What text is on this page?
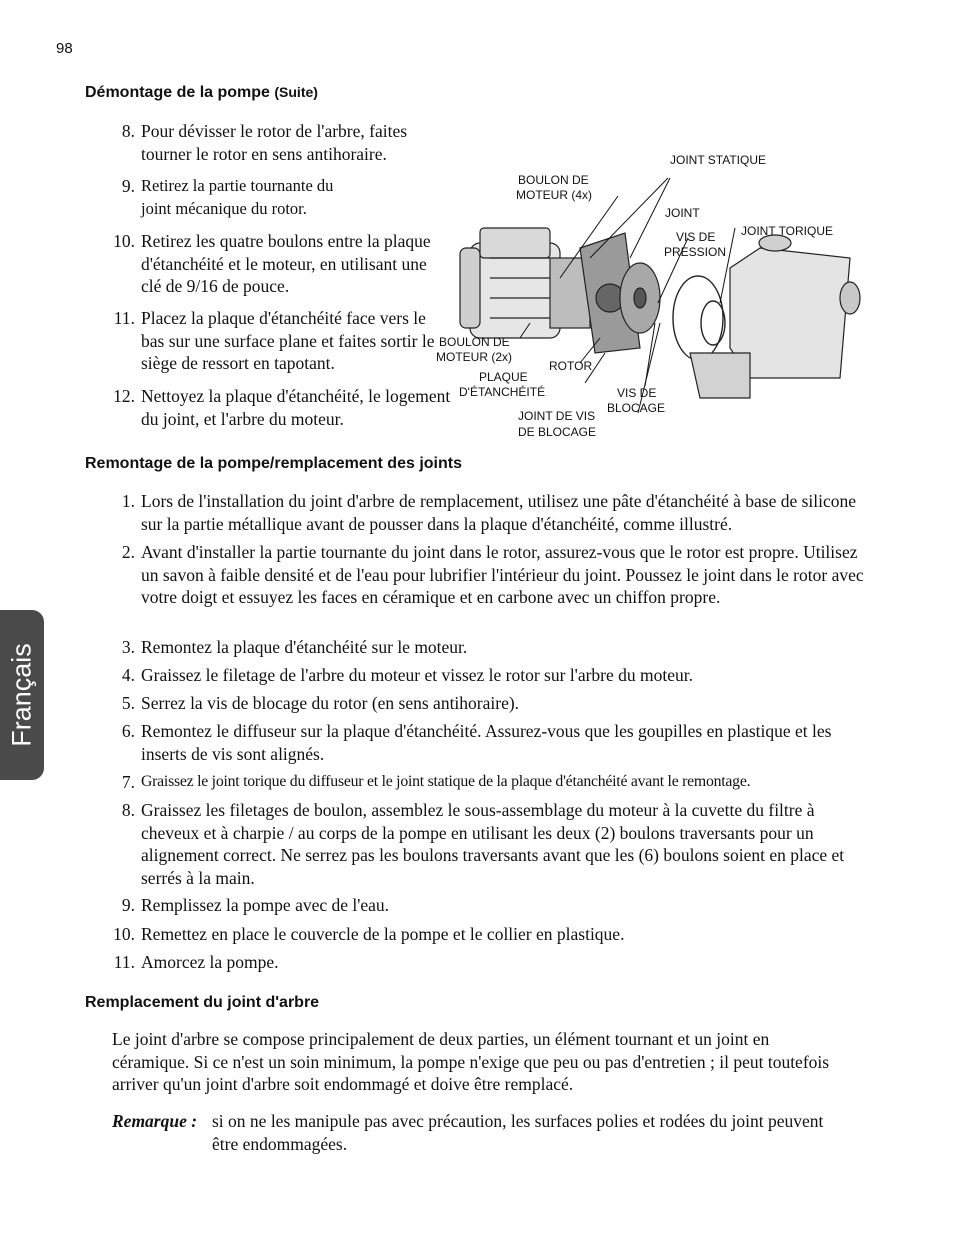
98
Français
Démontage de la pompe (Suite)
8. Pour dévisser le rotor de l'arbre, faites tourner le rotor en sens antihoraire.
9. Retirez la partie tournante du joint mécanique du rotor.
10. Retirez les quatre boulons entre la plaque d'étanchéité et le moteur, en utilisant une clé de 9/16 de pouce.
11. Placez la plaque d'étanchéité face vers le bas sur une surface plane et faites sortir le siège de ressort en tapotant.
12. Nettoyez la plaque d'étanchéité, le logement du joint, et l'arbre du moteur.
JOINT STATIQUE
BOULON DE
MOTEUR (4x)
JOINT
VIS DE
PRESSION
JOINT TORIQUE
BOULON DE
MOTEUR (2x)
ROTOR
PLAQUE
D'ÉTANCHÉITÉ	VIS DE
BLOCAGE
JOINT DE VIS
DE BLOCAGE
Remontage de la pompe/remplacement des joints
1. Lors de l'installation du joint d'arbre de remplacement, utilisez une pâte d'étanchéité à base de silicone sur la partie métallique avant de pousser dans la plaque d'étanchéité, comme illustré.
2. Avant d'installer la partie tournante du joint dans le rotor, assurez-vous que le rotor est propre. Utilisez un savon à faible densité et de l'eau pour lubrifier l'intérieur du joint. Poussez le joint dans le rotor avec votre doigt et essuyez les faces en céramique et en carbone avec un chiffon propre.
3. Remontez la plaque d'étanchéité sur le moteur.
4. Graissez le filetage de l'arbre du moteur et vissez le rotor sur l'arbre du moteur.
5. Serrez la vis de blocage du rotor (en sens antihoraire).
6. Remontez le diffuseur sur la plaque d'étanchéité. Assurez-vous que les goupilles en plastique et les inserts de vis sont alignés.
7. Graissez le joint torique du diffuseur et le joint statique de la plaque d'étanchéité avant le remontage.
8. Graissez les filetages de boulon, assemblez le sous-assemblage du moteur à la cuvette du filtre à cheveux et à charpie / au corps de la pompe en utilisant les deux (2) boulons traversants pour un alignement correct. Ne serrez pas les boulons traversants avant que les (6) boulons soient en place et serrés à la main.
9. Remplissez la pompe avec de l'eau.
10. Remettez en place le couvercle de la pompe et le collier en plastique.
11. Amorcez la pompe.
Remplacement du joint d'arbre
Le joint d'arbre se compose principalement de deux parties, un élément tournant et un joint en céramique. Si ce n'est un soin minimum, la pompe n'exige que peu ou pas d'entretien ; il peut toutefois arriver qu'un joint d'arbre soit endommagé et doive être remplacé.
Remarque : si on ne les manipule pas avec précaution, les surfaces polies et rodées du joint peuvent être endommagées.
